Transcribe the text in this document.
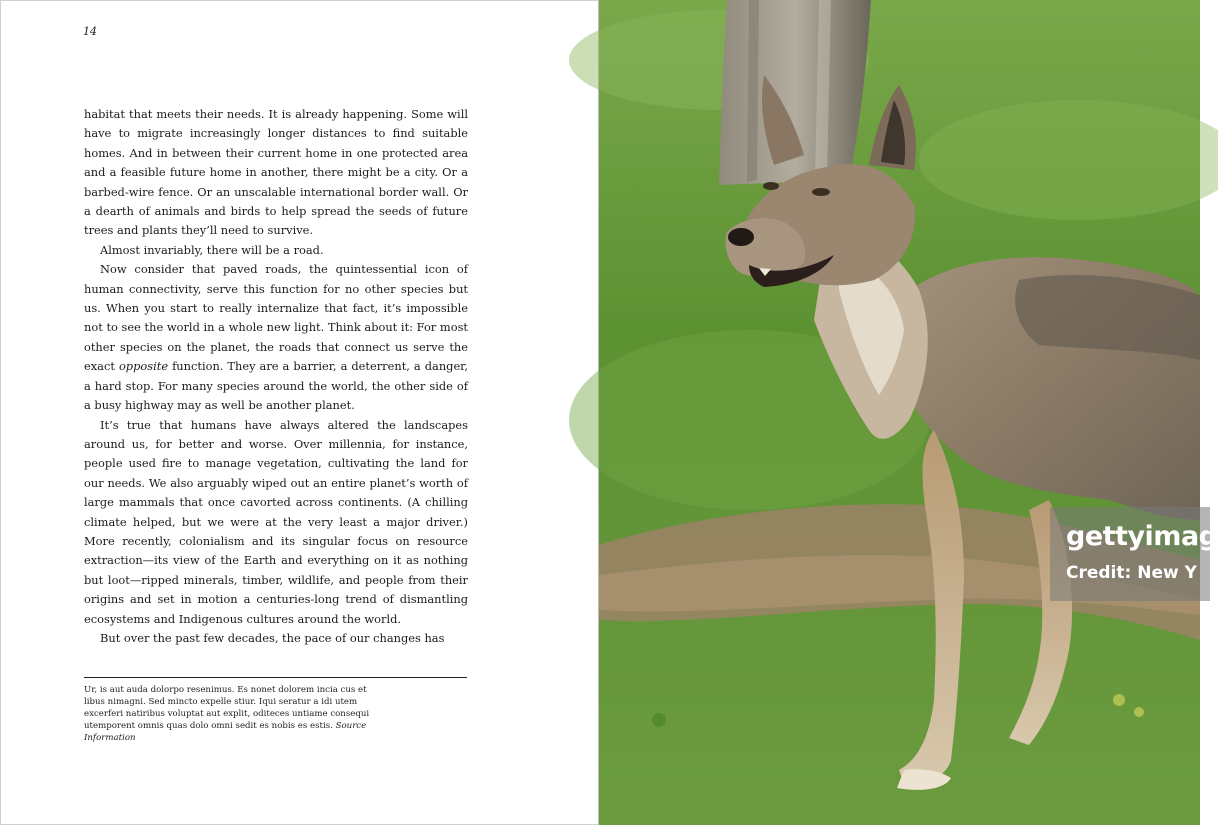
14

habitat that meets their needs. It is already happening. Some will have to migrate increasingly longer distances to find suitable homes. And in between their current home in one protected area and a feasible future home in another, there might be a city. Or a barbed-wire fence. Or an unscalable international border wall. Or a dearth of animals and birds to help spread the seeds of future trees and plants they’ll need to survive.

Almost invariably, there will be a road.

Now consider that paved roads, the quintessential icon of human connectivity, serve this function for no other species but us. When you start to really internalize that fact, it’s impossible not to see the world in a whole new light. Think about it: For most other species on the planet, the roads that connect us serve the exact opposite function. They are a barrier, a deterrent, a danger, a hard stop. For many species around the world, the other side of a busy highway may as well be another planet.

It’s true that humans have always altered the landscapes around us, for better and worse. Over millennia, for instance, people used fire to manage vegetation, cultivating the land for our needs. We also arguably wiped out an entire planet’s worth of large mammals that once cavorted across continents. (A chilling climate helped, but we were at the very least a major driver.) More recently, colonialism and its singular focus on resource extraction—its view of the Earth and everything on it as nothing but loot—ripped minerals, timber, wildlife, and people from their origins and set in motion a centuries-long trend of dismantling ecosystems and Indigenous cultures around the world.

But over the past few decades, the pace of our changes has

Ur, is aut auda dolorpo resenimus. Es nonet dolorem incia cus et libus nimagni. Sed mincto expelle stiur. Iqui seratur a idi utem excerferi natiribus voluptat aut explit, oditeces untiame consequi utemporent omnis quas dolo omni sedit es nobis es estis. Source Information
gettyimag
Credit: New Y
